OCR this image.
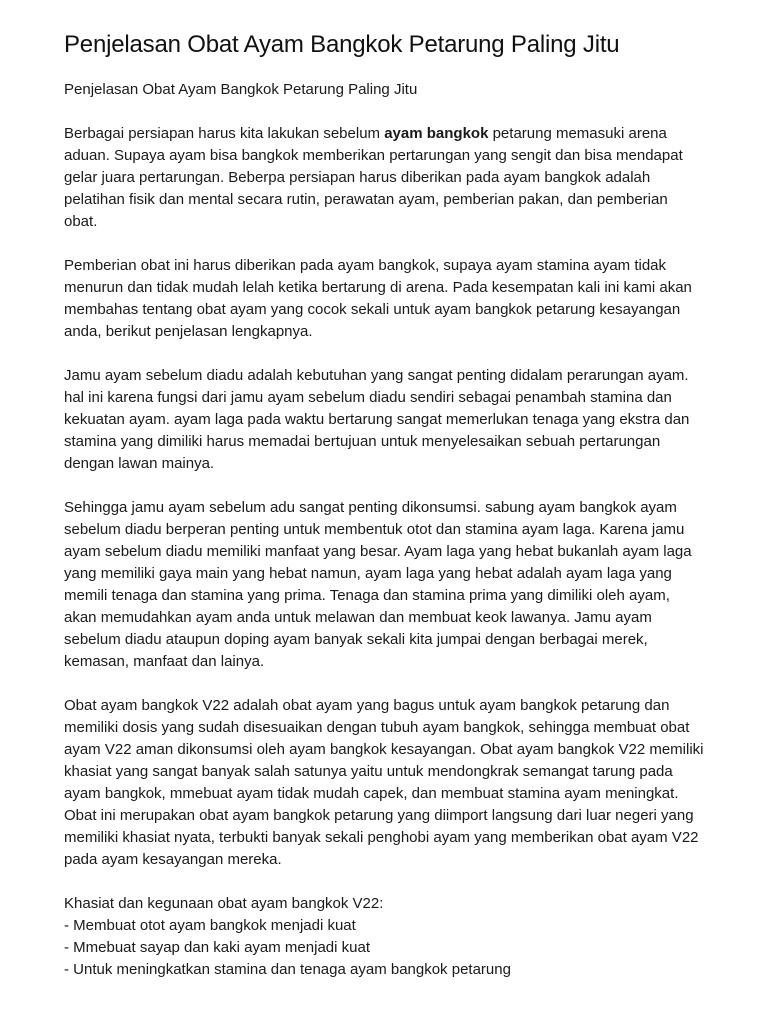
Penjelasan Obat Ayam Bangkok Petarung Paling Jitu

Penjelasan Obat Ayam Bangkok Petarung Paling Jitu

Berbagai persiapan harus kita lakukan sebelum ayam bangkok petarung memasuki arena aduan. Supaya ayam bisa bangkok memberikan pertarungan yang sengit dan bisa mendapat gelar juara pertarungan. Beberpa persiapan harus diberikan pada ayam bangkok adalah pelatihan fisik dan mental secara rutin, perawatan ayam, pemberian pakan, dan pemberian obat.

Pemberian obat ini harus diberikan pada ayam bangkok, supaya ayam stamina ayam tidak menurun dan tidak mudah lelah ketika bertarung di arena. Pada kesempatan kali ini kami akan membahas tentang obat ayam yang cocok sekali untuk ayam bangkok petarung kesayangan anda, berikut penjelasan lengkapnya.

Jamu ayam sebelum diadu adalah kebutuhan yang sangat penting didalam perarungan ayam. hal ini karena fungsi dari jamu ayam sebelum diadu sendiri sebagai penambah stamina dan kekuatan ayam. ayam laga pada waktu bertarung sangat memerlukan tenaga yang ekstra dan stamina yang dimiliki harus memadai bertujuan untuk menyelesaikan sebuah pertarungan dengan lawan mainya.

Sehingga jamu ayam sebelum adu sangat penting dikonsumsi. sabung ayam bangkok ayam sebelum diadu berperan penting untuk membentuk otot dan stamina ayam laga. Karena jamu ayam sebelum diadu memiliki manfaat yang besar. Ayam laga yang hebat bukanlah ayam laga yang memiliki gaya main yang hebat namun, ayam laga yang hebat adalah ayam laga yang memili tenaga dan stamina yang prima. Tenaga dan stamina prima yang dimiliki oleh ayam, akan memudahkan ayam anda untuk melawan dan membuat keok lawanya. Jamu ayam sebelum diadu ataupun doping ayam banyak sekali kita jumpai dengan berbagai merek, kemasan, manfaat dan lainya.

Obat ayam bangkok V22 adalah obat ayam yang bagus untuk ayam bangkok petarung dan memiliki dosis yang sudah disesuaikan dengan tubuh ayam bangkok, sehingga membuat obat ayam V22 aman dikonsumsi oleh ayam bangkok kesayangan. Obat ayam bangkok V22 memiliki khasiat yang sangat banyak salah satunya yaitu untuk mendongkrak semangat tarung pada ayam bangkok, mmebuat ayam tidak mudah capek, dan membuat stamina ayam meningkat. Obat ini merupakan obat ayam bangkok petarung yang diimport langsung dari luar negeri yang memiliki khasiat nyata, terbukti banyak sekali penghobi ayam yang memberikan obat ayam V22 pada ayam kesayangan mereka.

Khasiat dan kegunaan obat ayam bangkok V22:

- Membuat otot ayam bangkok menjadi kuat
- Mmebuat sayap dan kaki ayam menjadi kuat
- Untuk meningkatkan stamina dan tenaga ayam bangkok petarung
